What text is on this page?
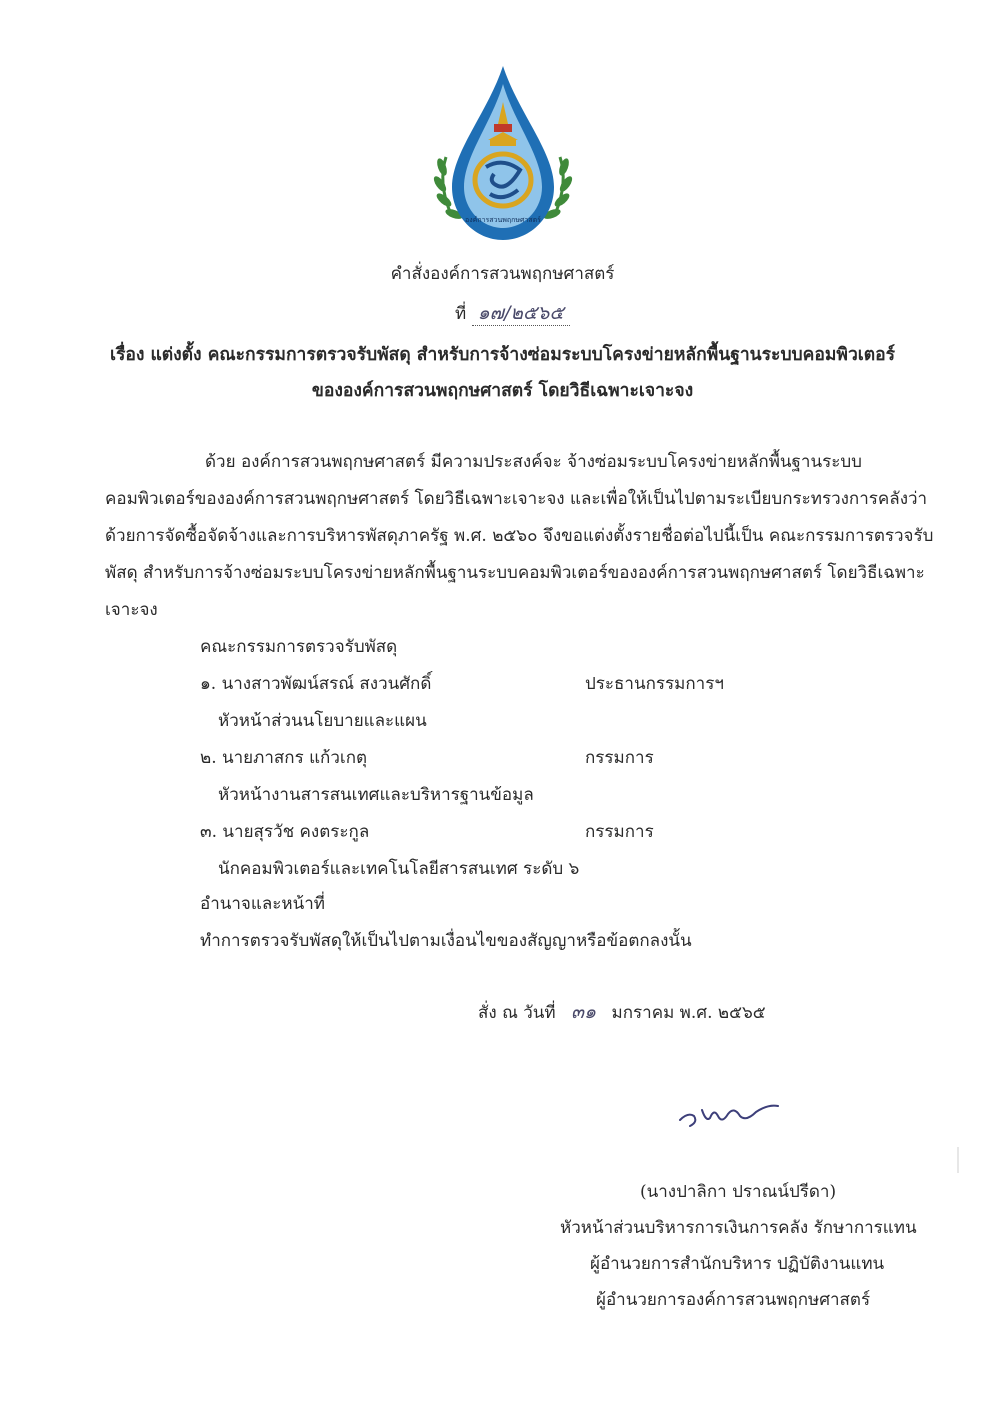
องค์การสวนพฤกษศาสตร์
คำสั่งองค์การสวนพฤกษศาสตร์
ที่ ๑๗/๒๕๖๕
เรื่อง แต่งตั้ง คณะกรรมการตรวจรับพัสดุ สำหรับการจ้างซ่อมระบบโครงข่ายหลักพื้นฐานระบบคอมพิวเตอร์
ขององค์การสวนพฤกษศาสตร์ โดยวิธีเฉพาะเจาะจง
ด้วย องค์การสวนพฤกษศาสตร์ มีความประสงค์จะ จ้างซ่อมระบบโครงข่ายหลักพื้นฐานระบบ
คอมพิวเตอร์ขององค์การสวนพฤกษศาสตร์ โดยวิธีเฉพาะเจาะจง และเพื่อให้เป็นไปตามระเบียบกระทรวงการคลังว่า
ด้วยการจัดซื้อจัดจ้างและการบริหารพัสดุภาครัฐ พ.ศ. ๒๕๖๐ จึงขอแต่งตั้งรายชื่อต่อไปนี้เป็น คณะกรรมการตรวจรับ
พัสดุ สำหรับการจ้างซ่อมระบบโครงข่ายหลักพื้นฐานระบบคอมพิวเตอร์ขององค์การสวนพฤกษศาสตร์ โดยวิธีเฉพาะ
เจาะจง
คณะกรรมการตรวจรับพัสดุ
๑. นางสาวพัฒน์สรณ์ สงวนศักดิ์	ประธานกรรมการฯ
หัวหน้าส่วนนโยบายและแผน
๒. นายภาสกร แก้วเกตุ	กรรมการ
หัวหน้างานสารสนเทศและบริหารฐานข้อมูล
๓. นายสุรวัช คงตระกูล	กรรมการ
นักคอมพิวเตอร์และเทคโนโลยีสารสนเทศ ระดับ ๖
อำนาจและหน้าที่
ทำการตรวจรับพัสดุให้เป็นไปตามเงื่อนไขของสัญญาหรือข้อตกลงนั้น
สั่ง ณ วันที่ ๓๑ มกราคม พ.ศ. ๒๕๖๕
(นางปาลิกา ปราณน์ปรีดา)
หัวหน้าส่วนบริหารการเงินการคลัง รักษาการแทน
ผู้อำนวยการสำนักบริหาร ปฏิบัติงานแทน
ผู้อำนวยการองค์การสวนพฤกษศาสตร์
